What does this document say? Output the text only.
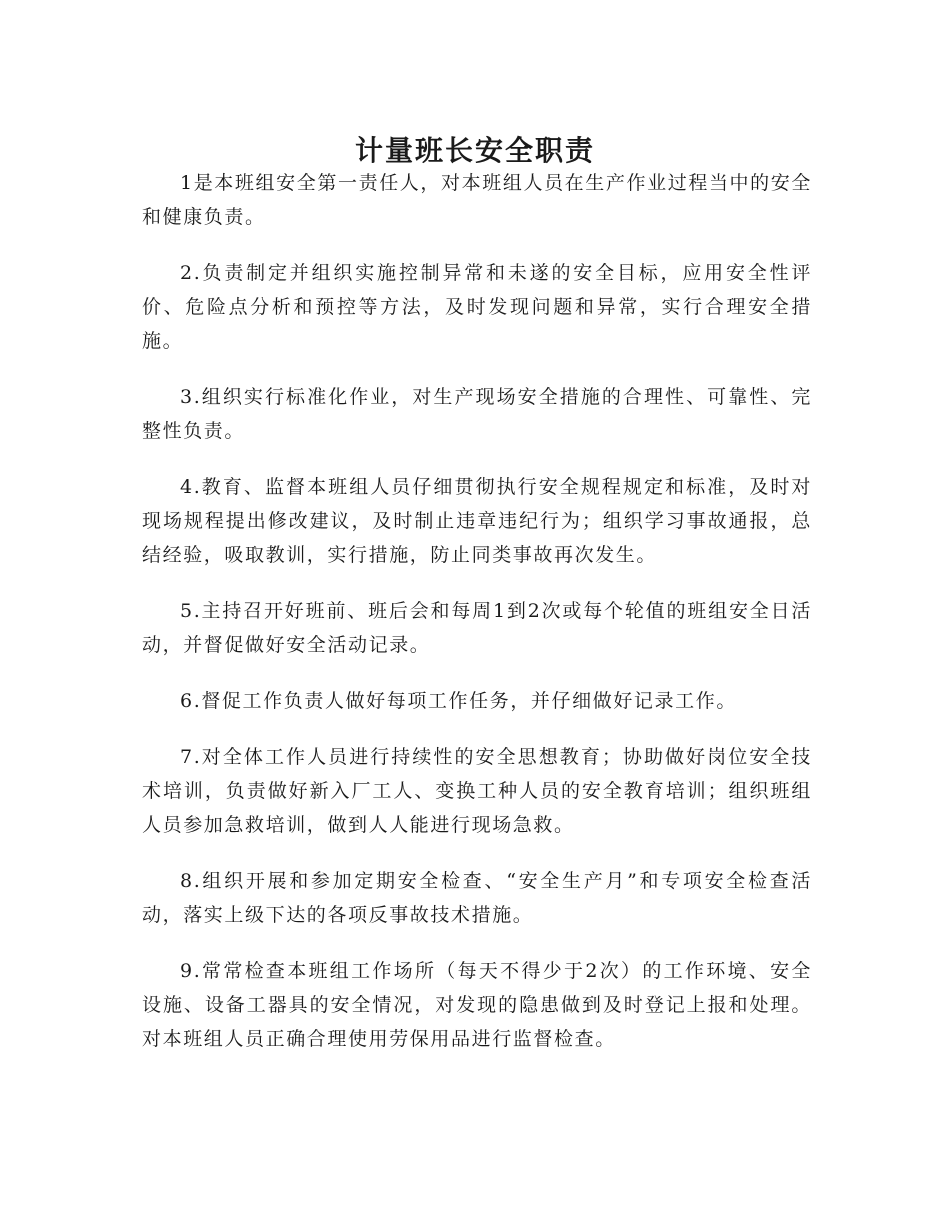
计量班长安全职责

1是本班组安全第一责任人，对本班组人员在生产作业过程当中的安全和健康负责。

2.负责制定并组织实施控制异常和未遂的安全目标，应用安全性评价、危险点分析和预控等方法，及时发现问题和异常，实行合理安全措施。

3.组织实行标准化作业，对生产现场安全措施的合理性、可靠性、完整性负责。

4.教育、监督本班组人员仔细贯彻执行安全规程规定和标准，及时对现场规程提出修改建议，及时制止违章违纪行为；组织学习事故通报，总结经验，吸取教训，实行措施，防止同类事故再次发生。

5.主持召开好班前、班后会和每周1到2次或每个轮值的班组安全日活动，并督促做好安全活动记录。

6.督促工作负责人做好每项工作任务，并仔细做好记录工作。

7.对全体工作人员进行持续性的安全思想教育；协助做好岗位安全技术培训，负责做好新入厂工人、变换工种人员的安全教育培训；组织班组人员参加急救培训，做到人人能进行现场急救。

8.组织开展和参加定期安全检查、“安全生产月”和专项安全检查活动，落实上级下达的各项反事故技术措施。

9.常常检查本班组工作场所（每天不得少于2次）的工作环境、安全设施、设备工器具的安全情况，对发现的隐患做到及时登记上报和处理。对本班组人员正确合理使用劳保用品进行监督检查。
